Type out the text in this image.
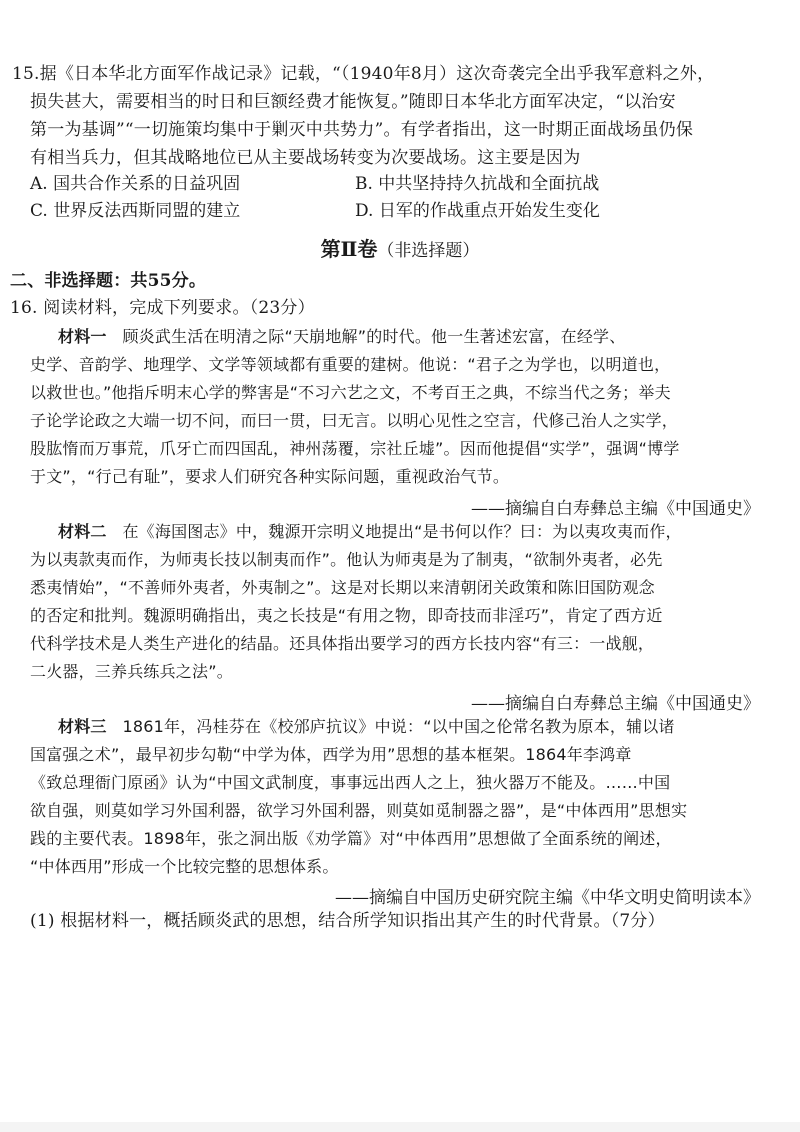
15.据《日本华北方面军作战记录》记载，“（1940年8月）这次奇袭完全出乎我军意料之外，
损失甚大，需要相当的时日和巨额经费才能恢复。”随即日本华北方面军决定，“以治安
第一为基调”“一切施策均集中于剿灭中共势力”。有学者指出，这一时期正面战场虽仍保
有相当兵力，但其战略地位已从主要战场转变为次要战场。这主要是因为
A. 国共合作关系的日益巩固	B. 中共坚持持久抗战和全面抗战
C. 世界反法西斯同盟的建立	D. 日军的作战重点开始发生变化
第Ⅱ卷（非选择题）
二、非选择题：共55分。
16. 阅读材料，完成下列要求。（23分）
材料一 顾炎武生活在明清之际“天崩地解”的时代。他一生著述宏富，在经学、
史学、音韵学、地理学、文学等领域都有重要的建树。他说：“君子之为学也，以明道也，
以救世也。”他指斥明末心学的弊害是“不习六艺之文，不考百王之典，不综当代之务；举夫
子论学论政之大端一切不问，而曰一贯，曰无言。以明心见性之空言，代修己治人之实学，
股肱惰而万事荒，爪牙亡而四国乱，神州荡覆，宗社丘墟”。因而他提倡“实学”，强调“博学
于文”，“行己有耻”，要求人们研究各种实际问题，重视政治气节。
——摘编自白寿彝总主编《中国通史》
材料二 在《海国图志》中，魏源开宗明义地提出“是书何以作？曰：为以夷攻夷而作，
为以夷款夷而作，为师夷长技以制夷而作”。他认为师夷是为了制夷，“欲制外夷者，必先
悉夷情始”，“不善师外夷者，外夷制之”。这是对长期以来清朝闭关政策和陈旧国防观念
的否定和批判。魏源明确指出，夷之长技是“有用之物，即奇技而非淫巧”，肯定了西方近
代科学技术是人类生产进化的结晶。还具体指出要学习的西方长技内容“有三：一战舰，
二火器，三养兵练兵之法”。
——摘编自白寿彝总主编《中国通史》
材料三 1861年，冯桂芬在《校邠庐抗议》中说：“以中国之伦常名教为原本，辅以诸
国富强之术”，最早初步勾勒“中学为体，西学为用”思想的基本框架。1864年李鸿章
《致总理衙门原函》认为“中国文武制度，事事远出西人之上，独火器万不能及。……中国
欲自强，则莫如学习外国利器，欲学习外国利器，则莫如觅制器之器”，是“中体西用”思想实
践的主要代表。1898年，张之洞出版《劝学篇》对“中体西用”思想做了全面系统的阐述，
“中体西用”形成一个比较完整的思想体系。
——摘编自中国历史研究院主编《中华文明史简明读本》
(1) 根据材料一，概括顾炎武的思想，结合所学知识指出其产生的时代背景。（7分）
